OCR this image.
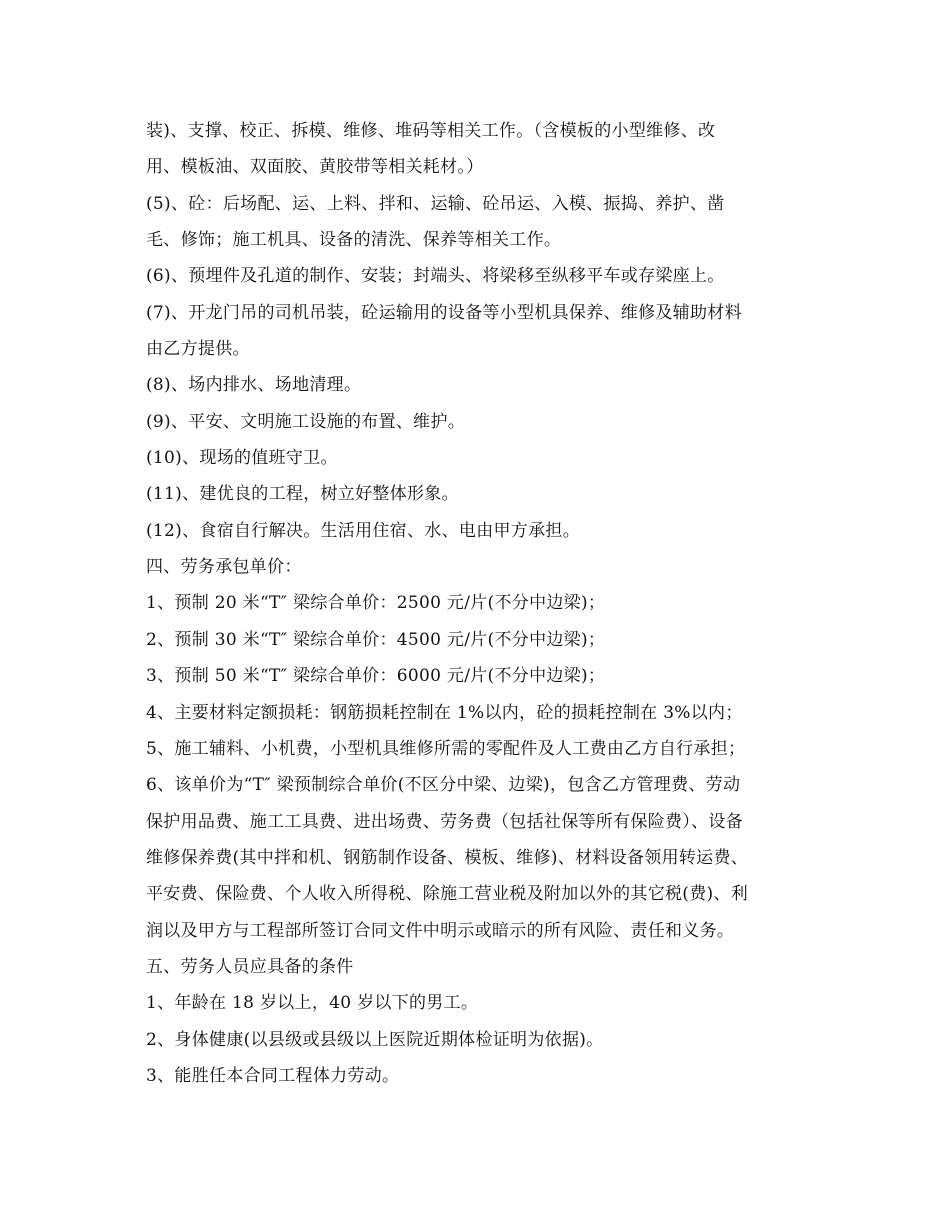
装)、支撑、校正、拆模、维修、堆码等相关工作。（含模板的小型维修、改
用、模板油、双面胶、黄胶带等相关耗材。）
(5)、砼：后场配、运、上料、拌和、运输、砼吊运、入模、振捣、养护、凿
毛、修饰；施工机具、设备的清洗、保养等相关工作。
(6)、预埋件及孔道的制作、安装；封端头、将梁移至纵移平车或存梁座上。
(7)、开龙门吊的司机吊装，砼运输用的设备等小型机具保养、维修及辅助材料
由乙方提供。
(8)、场内排水、场地清理。
(9)、平安、文明施工设施的布置、维护。
(10)、现场的值班守卫。
(11)、建优良的工程，树立好整体形象。
(12)、食宿自行解决。生活用住宿、水、电由甲方承担。
四、劳务承包单价：
1、预制 20 米“T″ 梁综合单价：2500 元/片(不分中边梁)；
2、预制 30 米“T″ 梁综合单价：4500 元/片(不分中边梁)；
3、预制 50 米“T″ 梁综合单价：6000 元/片(不分中边梁)；
4、主要材料定额损耗：钢筋损耗控制在 1%以内，砼的损耗控制在 3%以内；
5、施工辅料、小机费，小型机具维修所需的零配件及人工费由乙方自行承担；
6、该单价为“T″ 梁预制综合单价(不区分中梁、边梁)，包含乙方管理费、劳动
保护用品费、施工工具费、进出场费、劳务费（包括社保等所有保险费）、设备
维修保养费(其中拌和机、钢筋制作设备、模板、维修)、材料设备领用转运费、
平安费、保险费、个人收入所得税、除施工营业税及附加以外的其它税(费)、利
润以及甲方与工程部所签订合同文件中明示或暗示的所有风险、责任和义务。
五、劳务人员应具备的条件
1、年龄在 18 岁以上，40 岁以下的男工。
2、身体健康(以县级或县级以上医院近期体检证明为依据)。
3、能胜任本合同工程体力劳动。
